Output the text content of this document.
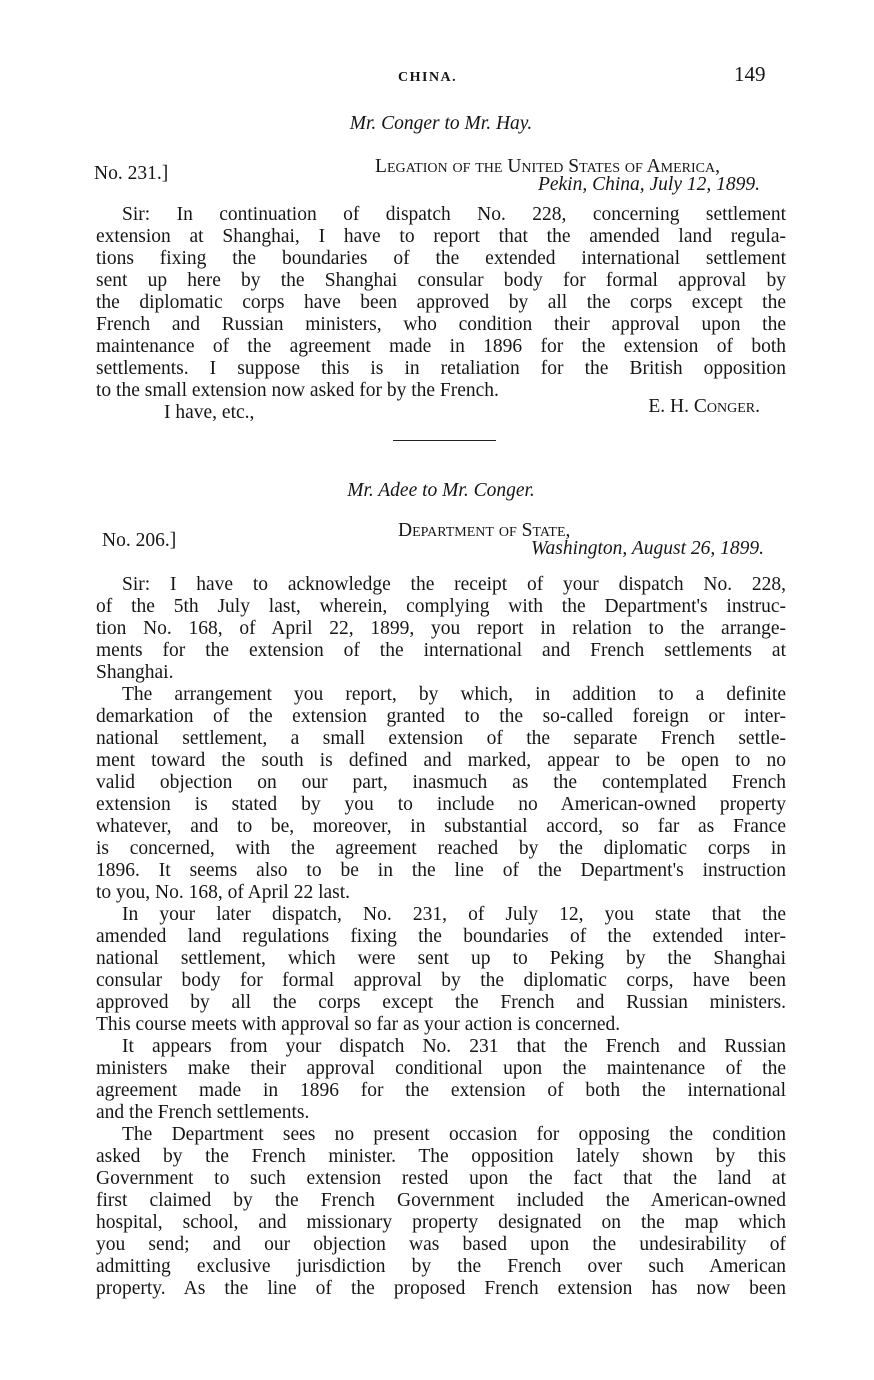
CHINA.	149
Mr. Conger to Mr. Hay.
No. 231.]	Legation of the United States of America,
Pekin, China, July 12, 1899.
Sir: In continuation of dispatch No. 228, concerning settlement
extension at Shanghai, I have to report that the amended land regula-
tions fixing the boundaries of the extended international settlement
sent up here by the Shanghai consular body for formal approval by
the diplomatic corps have been approved by all the corps except the
French and Russian ministers, who condition their approval upon the
maintenance of the agreement made in 1896 for the extension of both
settlements. I suppose this is in retaliation for the British opposition
to the small extension now asked for by the French.
I have, etc.,	E. H. Conger.
Mr. Adee to Mr. Conger.
No. 206.]	Department of State,
Washington, August 26, 1899.
Sir: I have to acknowledge the receipt of your dispatch No. 228,
of the 5th July last, wherein, complying with the Department's instruc-
tion No. 168, of April 22, 1899, you report in relation to the arrange-
ments for the extension of the international and French settlements at
Shanghai.
The arrangement you report, by which, in addition to a definite
demarkation of the extension granted to the so-called foreign or inter-
national settlement, a small extension of the separate French settle-
ment toward the south is defined and marked, appear to be open to no
valid objection on our part, inasmuch as the contemplated French
extension is stated by you to include no American-owned property
whatever, and to be, moreover, in substantial accord, so far as France
is concerned, with the agreement reached by the diplomatic corps in
1896. It seems also to be in the line of the Department's instruction
to you, No. 168, of April 22 last.
In your later dispatch, No. 231, of July 12, you state that the
amended land regulations fixing the boundaries of the extended inter-
national settlement, which were sent up to Peking by the Shanghai
consular body for formal approval by the diplomatic corps, have been
approved by all the corps except the French and Russian ministers.
This course meets with approval so far as your action is concerned.
It appears from your dispatch No. 231 that the French and Russian
ministers make their approval conditional upon the maintenance of the
agreement made in 1896 for the extension of both the international
and the French settlements.
The Department sees no present occasion for opposing the condition
asked by the French minister. The opposition lately shown by this
Government to such extension rested upon the fact that the land at
first claimed by the French Government included the American-owned
hospital, school, and missionary property designated on the map which
you send; and our objection was based upon the undesirability of
admitting exclusive jurisdiction by the French over such American
property. As the line of the proposed French extension has now been
